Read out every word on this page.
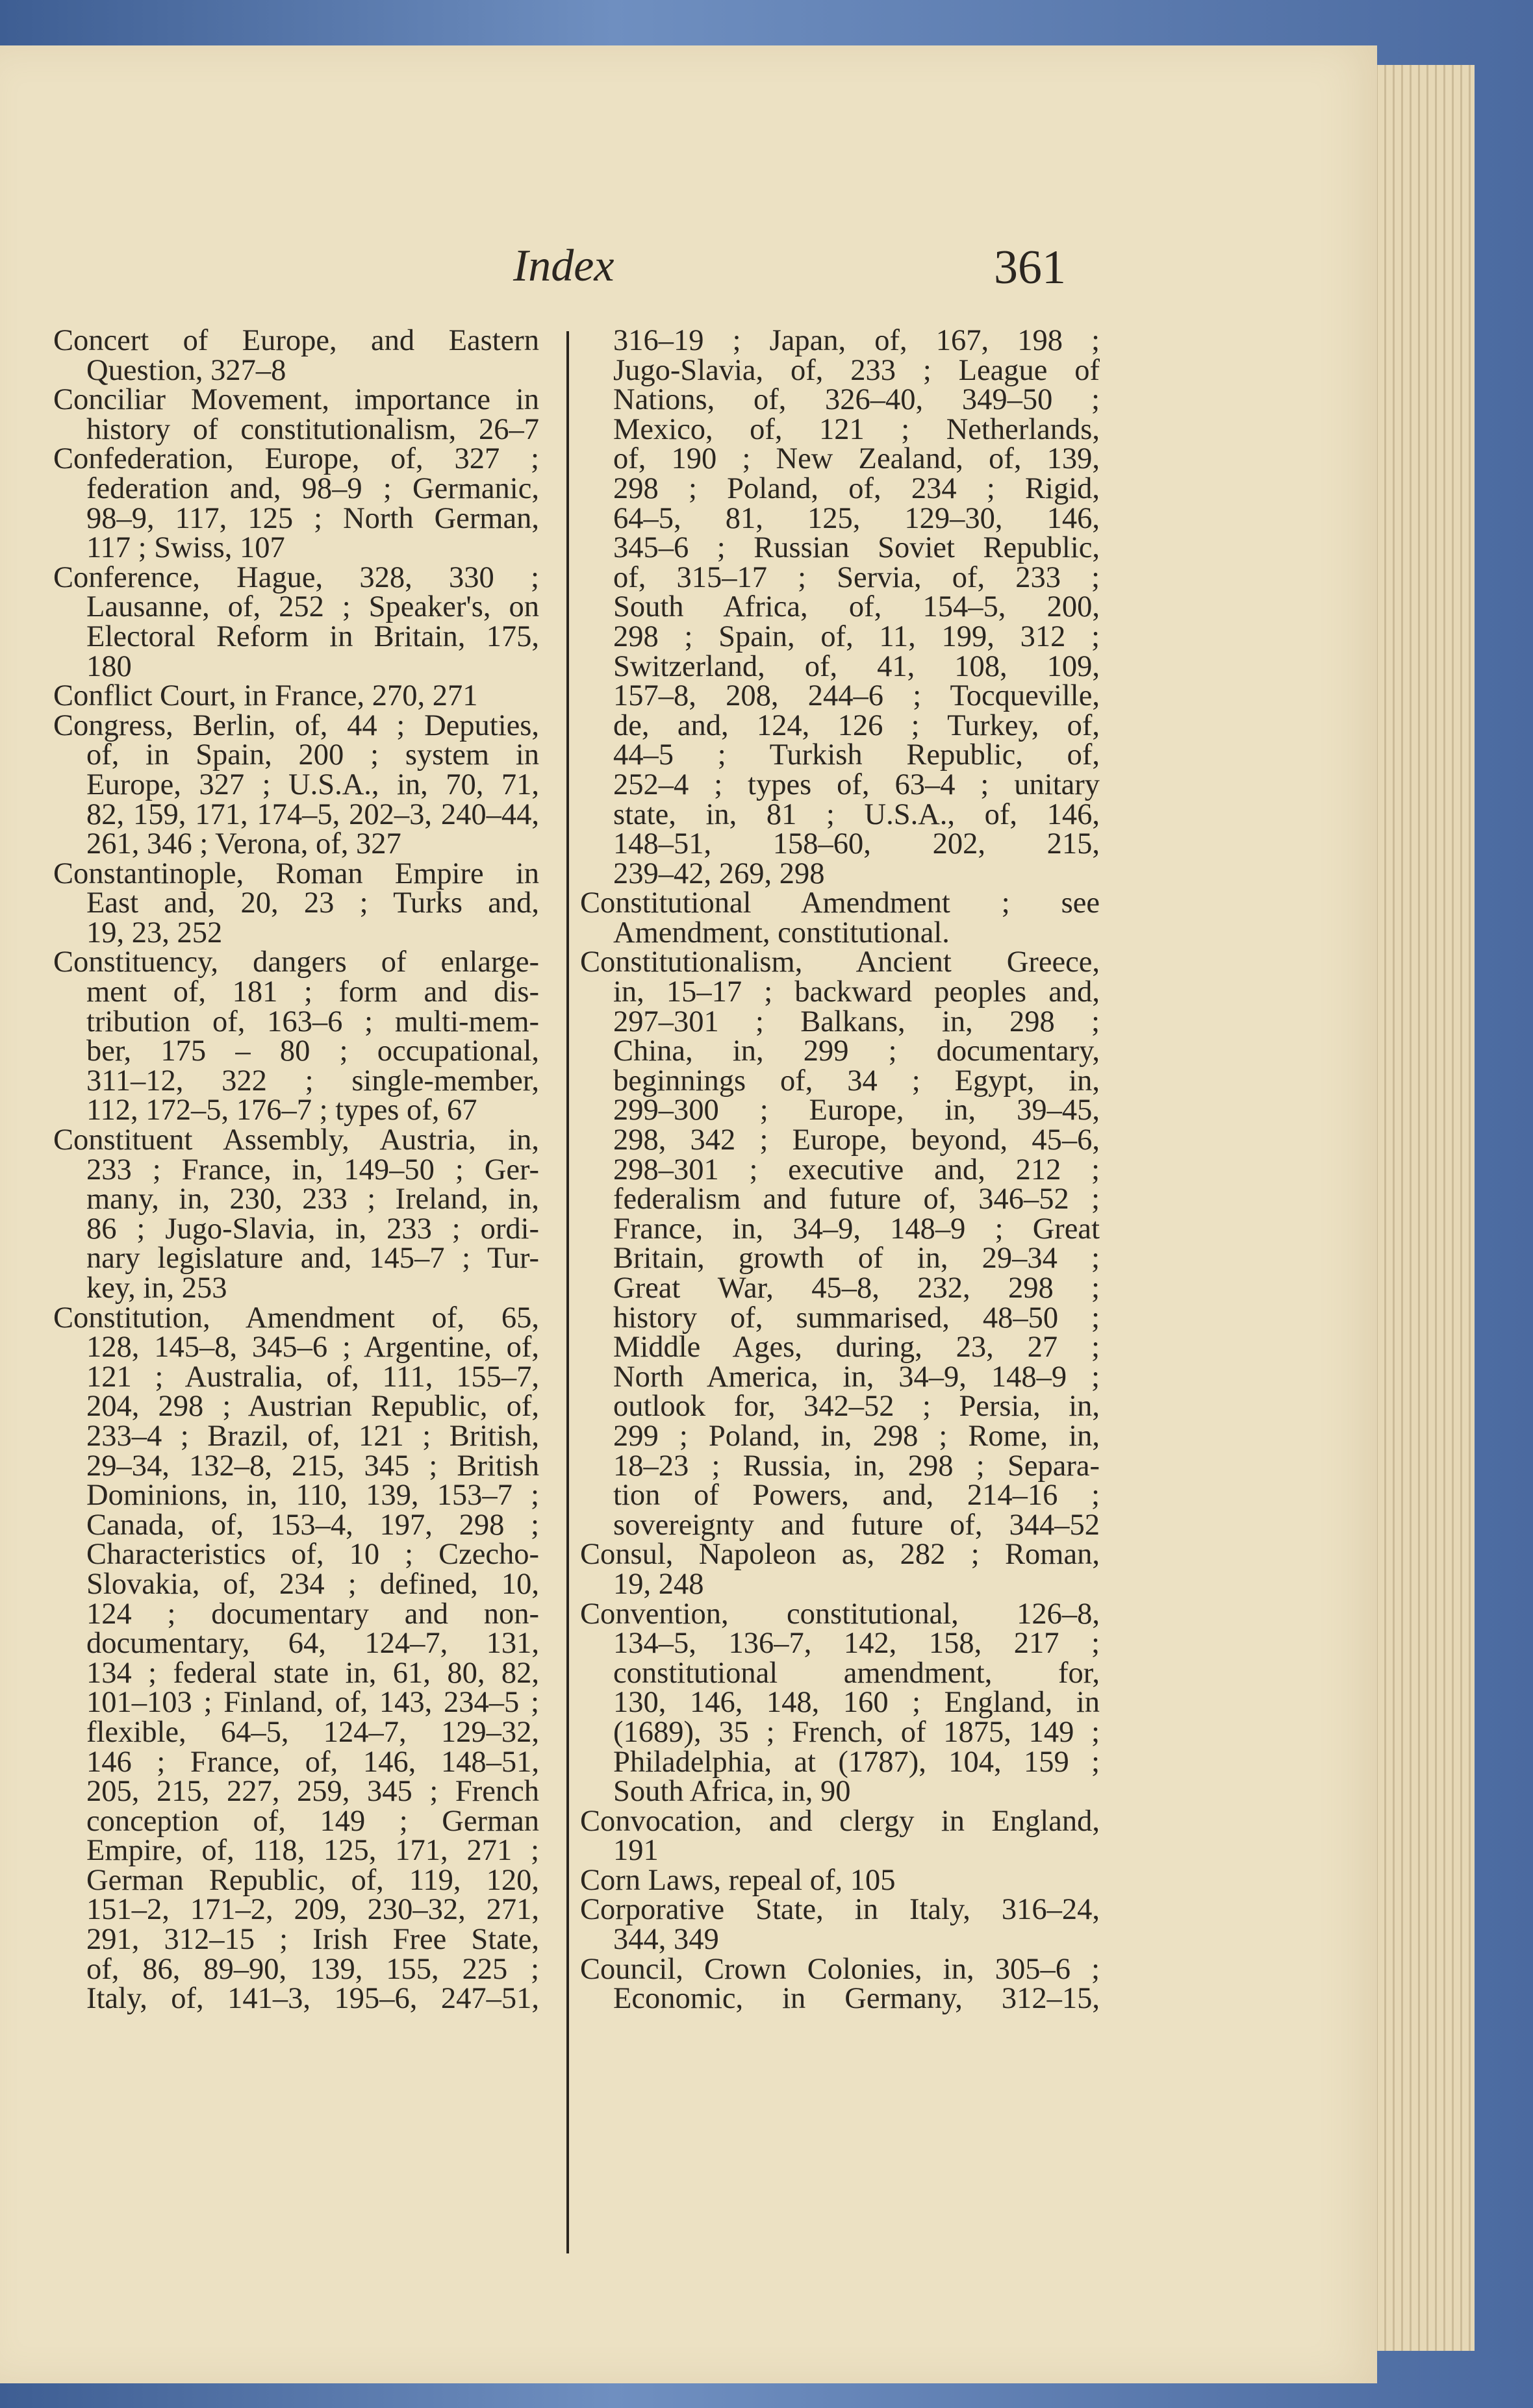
Index	361
Concert of Europe, and Eastern
Question, 327–8
Conciliar Movement, importance in
history of constitutionalism, 26–7
Confederation, Europe, of, 327 ;
federation and, 98–9 ; Germanic,
98–9, 117, 125 ; North German,
117 ; Swiss, 107
Conference, Hague, 328, 330 ;
Lausanne, of, 252 ; Speaker's, on
Electoral Reform in Britain, 175,
180
Conflict Court, in France, 270, 271
Congress, Berlin, of, 44 ; Deputies,
of, in Spain, 200 ; system in
Europe, 327 ; U.S.A., in, 70, 71,
82, 159, 171, 174–5, 202–3, 240–44,
261, 346 ; Verona, of, 327
Constantinople, Roman Empire in
East and, 20, 23 ; Turks and,
19, 23, 252
Constituency, dangers of enlarge-
ment of, 181 ; form and dis-
tribution of, 163–6 ; multi-mem-
ber, 175 – 80 ; occupational,
311–12, 322 ; single-member,
112, 172–5, 176–7 ; types of, 67
Constituent Assembly, Austria, in,
233 ; France, in, 149–50 ; Ger-
many, in, 230, 233 ; Ireland, in,
86 ; Jugo-Slavia, in, 233 ; ordi-
nary legislature and, 145–7 ; Tur-
key, in, 253
Constitution, Amendment of, 65,
128, 145–8, 345–6 ; Argentine, of,
121 ; Australia, of, 111, 155–7,
204, 298 ; Austrian Republic, of,
233–4 ; Brazil, of, 121 ; British,
29–34, 132–8, 215, 345 ; British
Dominions, in, 110, 139, 153–7 ;
Canada, of, 153–4, 197, 298 ;
Characteristics of, 10 ; Czecho-
Slovakia, of, 234 ; defined, 10,
124 ; documentary and non-
documentary, 64, 124–7, 131,
134 ; federal state in, 61, 80, 82,
101–103 ; Finland, of, 143, 234–5 ;
flexible, 64–5, 124–7, 129–32,
146 ; France, of, 146, 148–51,
205, 215, 227, 259, 345 ; French
conception of, 149 ; German
Empire, of, 118, 125, 171, 271 ;
German Republic, of, 119, 120,
151–2, 171–2, 209, 230–32, 271,
291, 312–15 ; Irish Free State,
of, 86, 89–90, 139, 155, 225 ;
Italy, of, 141–3, 195–6, 247–51,
316–19 ; Japan, of, 167, 198 ;
Jugo-Slavia, of, 233 ; League of
Nations, of, 326–40, 349–50 ;
Mexico, of, 121 ; Netherlands,
of, 190 ; New Zealand, of, 139,
298 ; Poland, of, 234 ; Rigid,
64–5, 81, 125, 129–30, 146,
345–6 ; Russian Soviet Republic,
of, 315–17 ; Servia, of, 233 ;
South Africa, of, 154–5, 200,
298 ; Spain, of, 11, 199, 312 ;
Switzerland, of, 41, 108, 109,
157–8, 208, 244–6 ; Tocqueville,
de, and, 124, 126 ; Turkey, of,
44–5 ; Turkish Republic, of,
252–4 ; types of, 63–4 ; unitary
state, in, 81 ; U.S.A., of, 146,
148–51, 158–60, 202, 215,
239–42, 269, 298
Constitutional Amendment ; see
Amendment, constitutional.
Constitutionalism, Ancient Greece,
in, 15–17 ; backward peoples and,
297–301 ; Balkans, in, 298 ;
China, in, 299 ; documentary,
beginnings of, 34 ; Egypt, in,
299–300 ; Europe, in, 39–45,
298, 342 ; Europe, beyond, 45–6,
298–301 ; executive and, 212 ;
federalism and future of, 346–52 ;
France, in, 34–9, 148–9 ; Great
Britain, growth of in, 29–34 ;
Great War, 45–8, 232, 298 ;
history of, summarised, 48–50 ;
Middle Ages, during, 23, 27 ;
North America, in, 34–9, 148–9 ;
outlook for, 342–52 ; Persia, in,
299 ; Poland, in, 298 ; Rome, in,
18–23 ; Russia, in, 298 ; Separa-
tion of Powers, and, 214–16 ;
sovereignty and future of, 344–52
Consul, Napoleon as, 282 ; Roman,
19, 248
Convention, constitutional, 126–8,
134–5, 136–7, 142, 158, 217 ;
constitutional amendment, for,
130, 146, 148, 160 ; England, in
(1689), 35 ; French, of 1875, 149 ;
Philadelphia, at (1787), 104, 159 ;
South Africa, in, 90
Convocation, and clergy in England,
191
Corn Laws, repeal of, 105
Corporative State, in Italy, 316–24,
344, 349
Council, Crown Colonies, in, 305–6 ;
Economic, in Germany, 312–15,
